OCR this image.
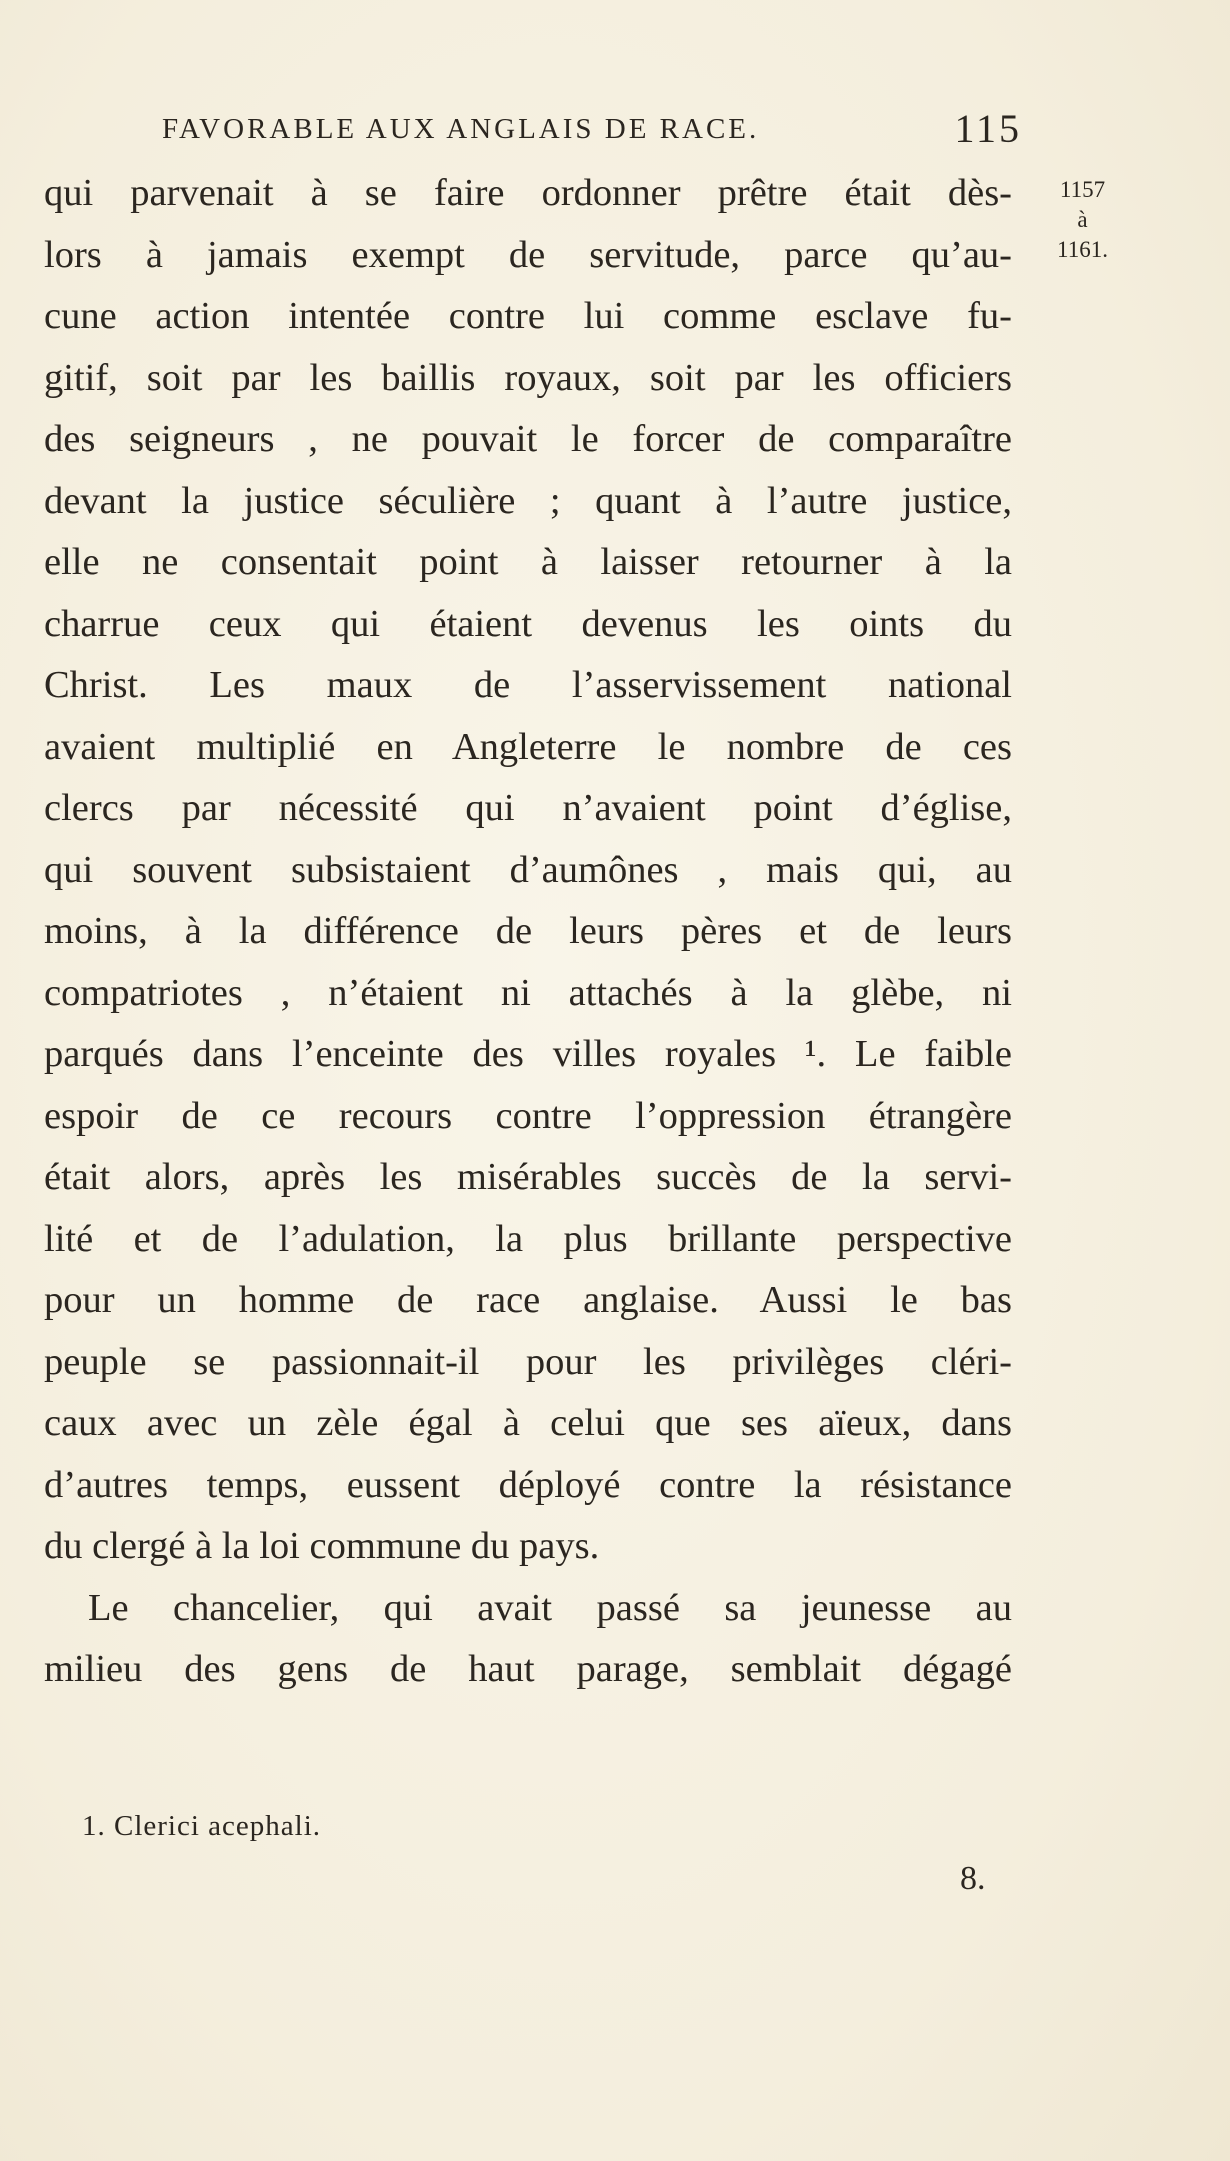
FAVORABLE AUX ANGLAIS DE RACE.	115
1157
à
1161.
qui parvenait à se faire ordonner prêtre était dès-
lors à jamais exempt de servitude, parce qu’au-
cune action intentée contre lui comme esclave fu-
gitif, soit par les baillis royaux, soit par les officiers
des seigneurs , ne pouvait le forcer de comparaître
devant la justice séculière ; quant à l’autre justice,
elle ne consentait point à laisser retourner à la
charrue ceux qui étaient devenus les oints du
Christ. Les maux de l’asservissement national
avaient multiplié en Angleterre le nombre de ces
clercs par nécessité qui n’avaient point d’église,
qui souvent subsistaient d’aumônes , mais qui, au
moins, à la différence de leurs pères et de leurs
compatriotes , n’étaient ni attachés à la glèbe, ni
parqués dans l’enceinte des villes royales ¹. Le faible
espoir de ce recours contre l’oppression étrangère
était alors, après les misérables succès de la servi-
lité et de l’adulation, la plus brillante perspective
pour un homme de race anglaise. Aussi le bas
peuple se passionnait-il pour les privilèges cléri-
caux avec un zèle égal à celui que ses aïeux, dans
d’autres temps, eussent déployé contre la résistance
du clergé à la loi commune du pays.
Le chancelier, qui avait passé sa jeunesse au
milieu des gens de haut parage, semblait dégagé
1. Clerici acephali.
8.
